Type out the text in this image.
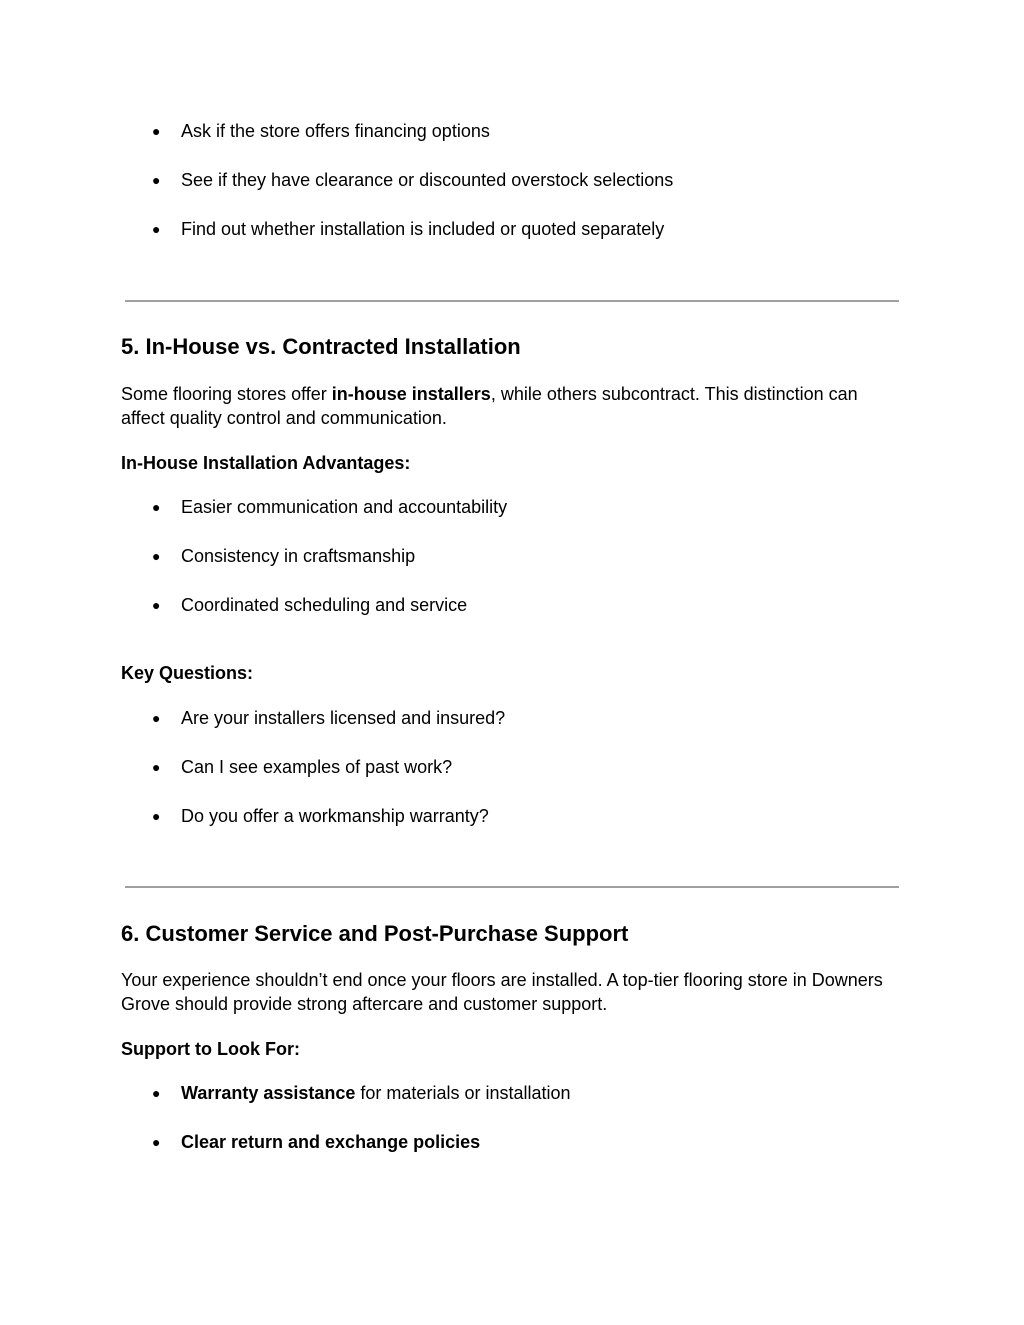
● Ask if the store offers financing options
● See if they have clearance or discounted overstock selections
● Find out whether installation is included or quoted separately
5. In-House vs. Contracted Installation
Some flooring stores offer in-house installers, while others subcontract. This distinction can
affect quality control and communication.
In-House Installation Advantages:
● Easier communication and accountability
● Consistency in craftsmanship
● Coordinated scheduling and service
Key Questions:
● Are your installers licensed and insured?
● Can I see examples of past work?
● Do you offer a workmanship warranty?
6. Customer Service and Post-Purchase Support
Your experience shouldn’t end once your floors are installed. A top-tier flooring store in Downers
Grove should provide strong aftercare and customer support.
Support to Look For:
● Warranty assistance for materials or installation
● Clear return and exchange policies
